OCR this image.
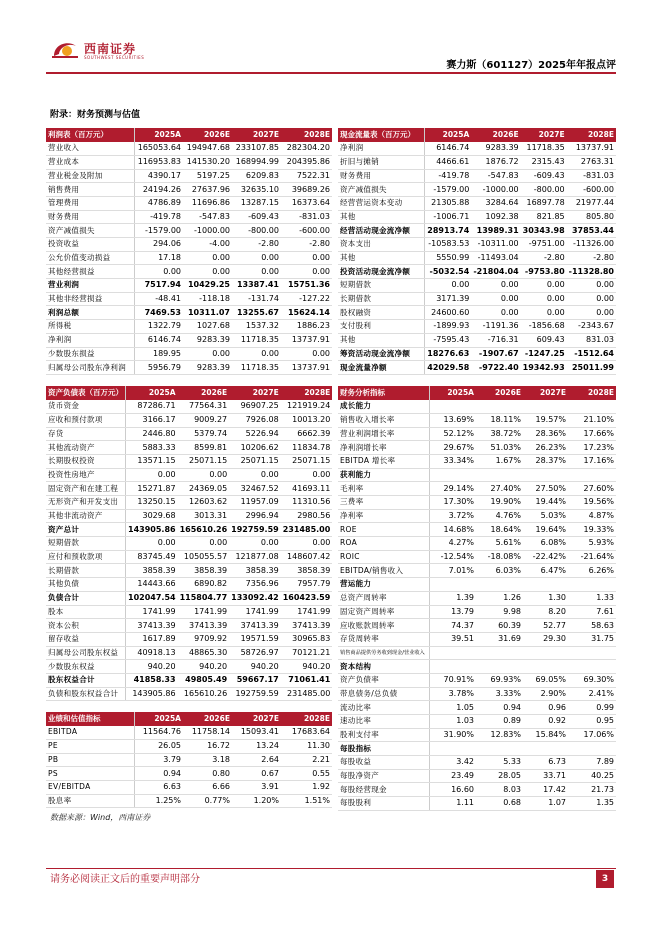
西南证券
SOUTHWEST SECURITIES
赛力斯（601127）2025年年报点评
附录：财务预测与估值
利润表（百万元）	2025A	2026E	2027E	2028E
营业收入	165053.64	194947.68	233107.85	282304.20
营业成本	116953.83	141530.20	168994.99	204395.86
营业税金及附加	4390.17	5197.25	6209.83	7522.31
销售费用	24194.26	27637.96	32635.10	39689.26
管理费用	4786.89	11696.86	13287.15	16373.64
财务费用	-419.78	-547.83	-609.43	-831.03
资产减值损失	-1579.00	-1000.00	-800.00	-600.00
投资收益	294.06	-4.00	-2.80	-2.80
公允价值变动损益	17.18	0.00	0.00	0.00
其他经营损益	0.00	0.00	0.00	0.00
营业利润	7517.94	10429.25	13387.41	15751.36
其他非经营损益	-48.41	-118.18	-131.74	-127.22
利润总额	7469.53	10311.07	13255.67	15624.14
所得税	1322.79	1027.68	1537.32	1886.23
净利润	6146.74	9283.39	11718.35	13737.91
少数股东损益	189.95	0.00	0.00	0.00
归属母公司股东净利润	5956.79	9283.39	11718.35	13737.91
现金流量表（百万元）	2025A	2026E	2027E	2028E
净利润	6146.74	9283.39	11718.35	13737.91
折旧与摊销	4466.61	1876.72	2315.43	2763.31
财务费用	-419.78	-547.83	-609.43	-831.03
资产减值损失	-1579.00	-1000.00	-800.00	-600.00
经营营运资本变动	21305.88	3284.64	16897.78	21977.44
其他	-1006.71	1092.38	821.85	805.80
经营活动现金流净额	28913.74	13989.31	30343.98	37853.44
资本支出	-10583.53	-10311.00	-9751.00	-11326.00
其他	5550.99	-11493.04	-2.80	-2.80
投资活动现金流净额	-5032.54	-21804.04	-9753.80	-11328.80
短期借款	0.00	0.00	0.00	0.00
长期借款	3171.39	0.00	0.00	0.00
股权融资	24600.60	0.00	0.00	0.00
支付股利	-1899.93	-1191.36	-1856.68	-2343.67
其他	-7595.43	-716.31	609.43	831.03
筹资活动现金流净额	18276.63	-1907.67	-1247.25	-1512.64
现金流量净额	42029.58	-9722.40	19342.93	25011.99
资产负债表（百万元）	2025A	2026E	2027E	2028E
货币资金	87286.71	77564.31	96907.25	121919.24
应收和预付款项	3166.17	9009.27	7926.08	10013.20
存货	2446.80	5379.74	5226.94	6662.39
其他流动资产	5883.33	8599.81	10206.62	11834.78
长期股权投资	13571.15	25071.15	25071.15	25071.15
投资性房地产	0.00	0.00	0.00	0.00
固定资产和在建工程	15271.87	24369.05	32467.52	41693.11
无形资产和开发支出	13250.15	12603.62	11957.09	11310.56
其他非流动资产	3029.68	3013.31	2996.94	2980.56
资产总计	143905.86	165610.26	192759.59	231485.00
短期借款	0.00	0.00	0.00	0.00
应付和预收款项	83745.49	105055.57	121877.08	148607.42
长期借款	3858.39	3858.39	3858.39	3858.39
其他负债	14443.66	6890.82	7356.96	7957.79
负债合计	102047.54	115804.77	133092.42	160423.59
股本	1741.99	1741.99	1741.99	1741.99
资本公积	37413.39	37413.39	37413.39	37413.39
留存收益	1617.89	9709.92	19571.59	30965.83
归属母公司股东权益	40918.13	48865.30	58726.97	70121.21
少数股东权益	940.20	940.20	940.20	940.20
股东权益合计	41858.33	49805.49	59667.17	71061.41
负债和股东权益合计	143905.86	165610.26	192759.59	231485.00
财务分析指标	2025A	2026E	2027E	2028E
成长能力				
销售收入增长率	13.69%	18.11%	19.57%	21.10%
营业利润增长率	52.12%	38.72%	28.36%	17.66%
净利润增长率	29.67%	51.03%	26.23%	17.23%
EBITDA 增长率	33.34%	1.67%	28.37%	17.16%
获利能力				
毛利率	29.14%	27.40%	27.50%	27.60%
三费率	17.30%	19.90%	19.44%	19.56%
净利率	3.72%	4.76%	5.03%	4.87%
ROE	14.68%	18.64%	19.64%	19.33%
ROA	4.27%	5.61%	6.08%	5.93%
ROIC	-12.54%	-18.08%	-22.42%	-21.64%
EBITDA/销售收入	7.01%	6.03%	6.47%	6.26%
营运能力				
总资产周转率	1.39	1.26	1.30	1.33
固定资产周转率	13.79	9.98	8.20	7.61
应收账款周转率	74.37	60.39	52.77	58.63
存货周转率	39.51	31.69	29.30	31.75
销售商品提供劳务收到现金/营业收入				
资本结构				
资产负债率	70.91%	69.93%	69.05%	69.30%
带息债务/总负债	3.78%	3.33%	2.90%	2.41%
流动比率	1.05	0.94	0.96	0.99
速动比率	1.03	0.89	0.92	0.95
股利支付率	31.90%	12.83%	15.84%	17.06%
每股指标				
每股收益	3.42	5.33	6.73	7.89
每股净资产	23.49	28.05	33.71	40.25
每股经营现金	16.60	8.03	17.42	21.73
每股股利	1.11	0.68	1.07	1.35
业绩和估值指标	2025A	2026E	2027E	2028E
EBITDA	11564.76	11758.14	15093.41	17683.64
PE	26.05	16.72	13.24	11.30
PB	3.79	3.18	2.64	2.21
PS	0.94	0.80	0.67	0.55
EV/EBITDA	6.63	6.66	3.91	1.92
股息率	1.25%	0.77%	1.20%	1.51%
数据来源：Wind，西南证券
请务必阅读正文后的重要声明部分	3
